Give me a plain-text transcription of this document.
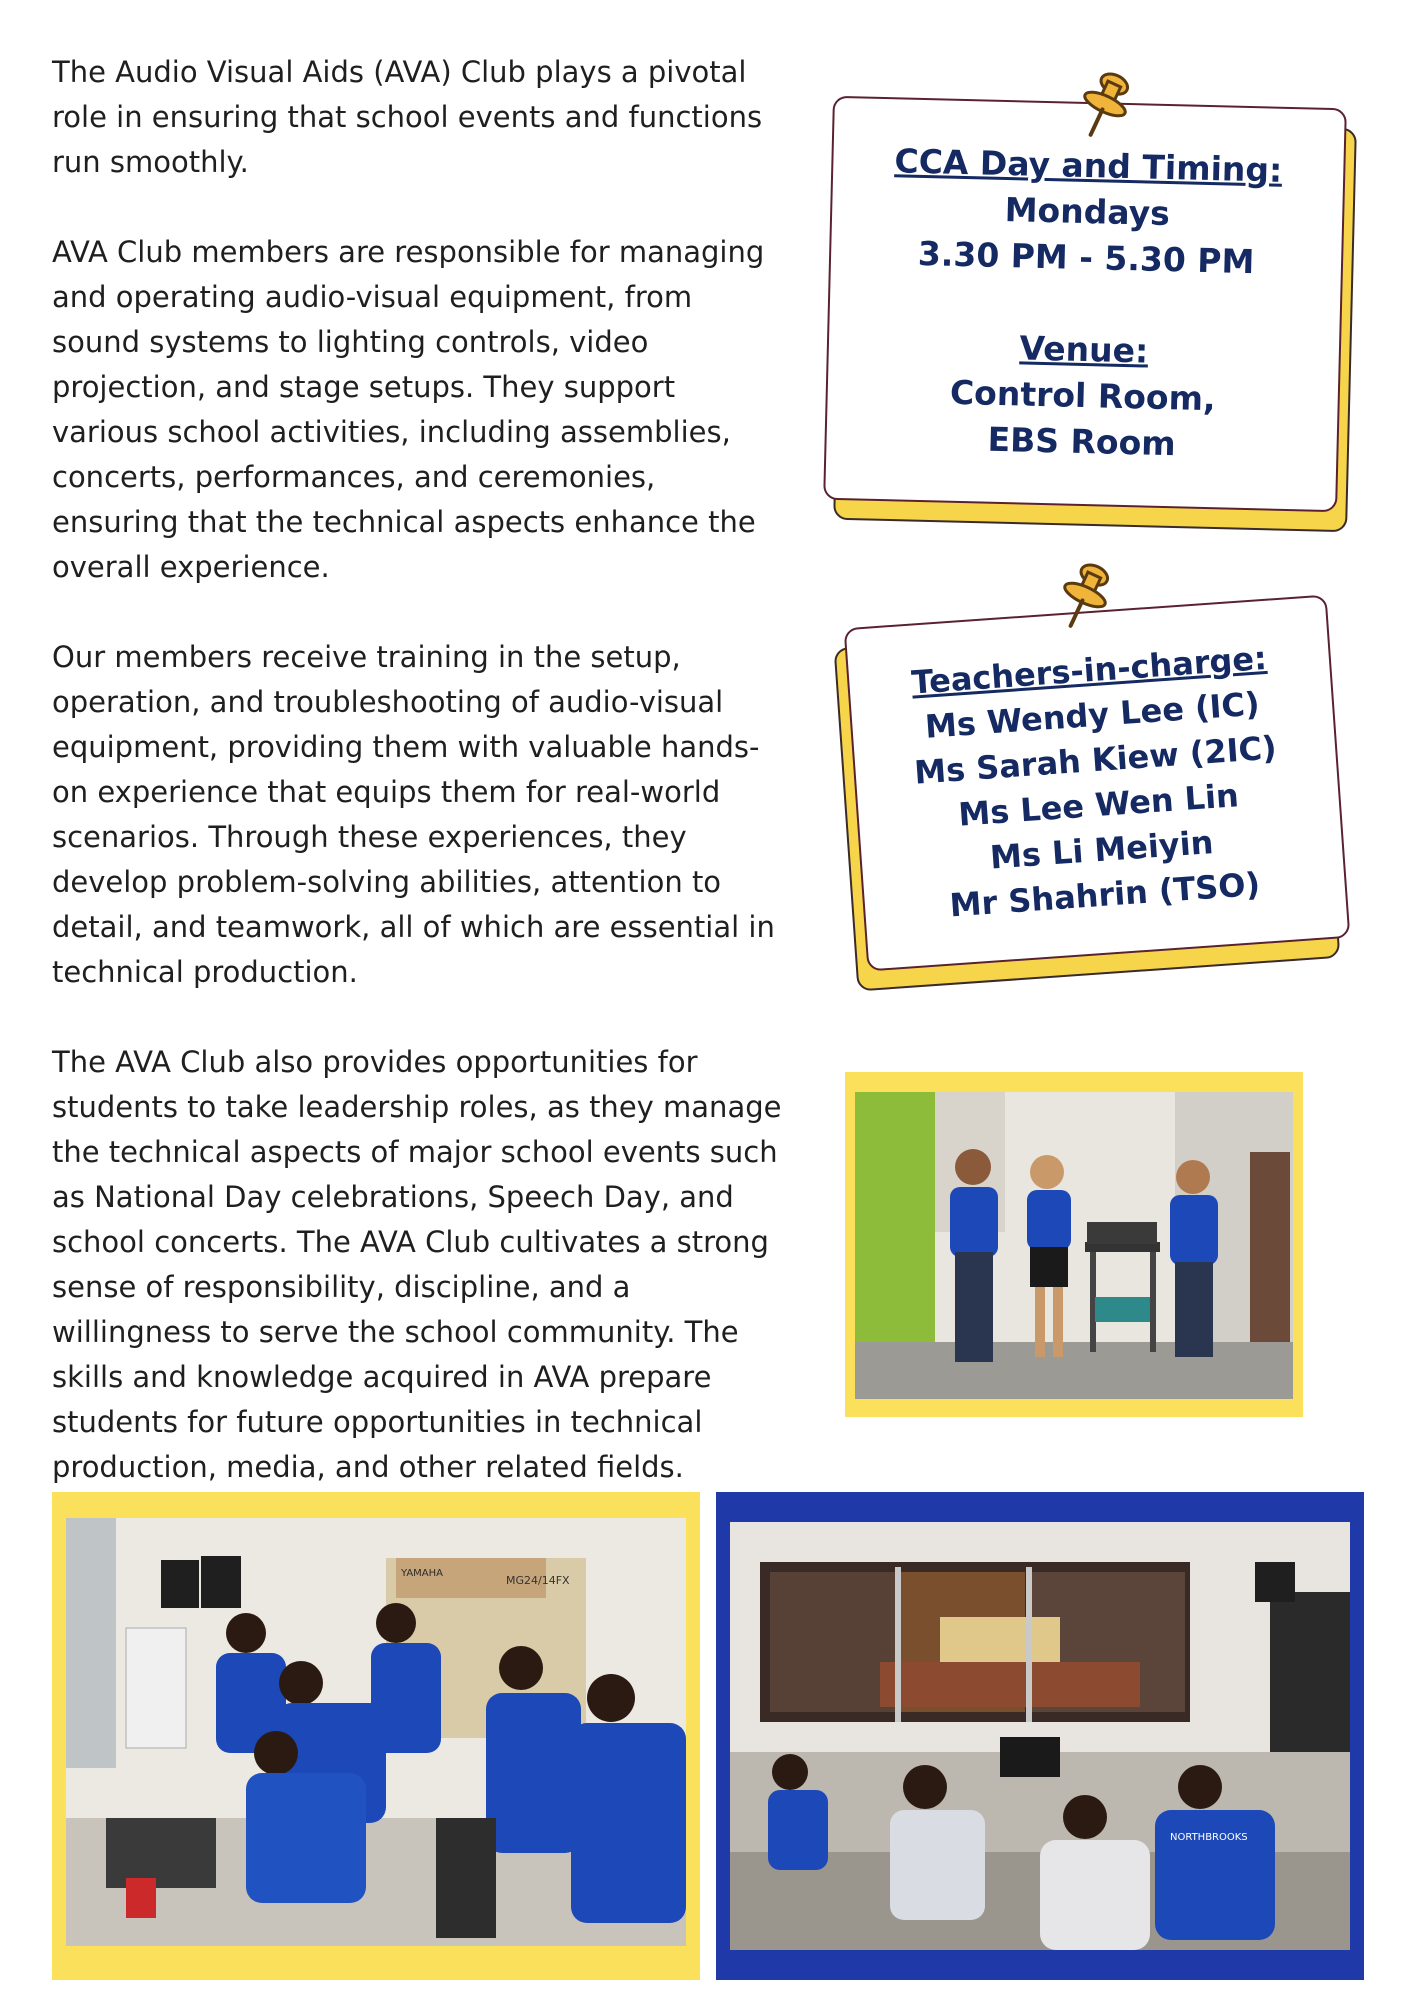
The Audio Visual Aids (AVA) Club plays a pivotal role in ensuring that school events and functions run smoothly.

AVA Club members are responsible for managing and operating audio-visual equipment, from sound systems to lighting controls, video projection, and stage setups. They support various school activities, including assemblies, concerts, performances, and ceremonies, ensuring that the technical aspects enhance the overall experience.

Our members receive training in the setup, operation, and troubleshooting of audio-visual equipment, providing them with valuable hands-on experience that equips them for real-world scenarios. Through these experiences, they develop problem-solving abilities, attention to detail, and teamwork, all of which are essential in technical production.

The AVA Club also provides opportunities for students to take leadership roles, as they manage the technical aspects of major school events such as National Day celebrations, Speech Day, and school concerts. The AVA Club cultivates a strong sense of responsibility, discipline, and a willingness to serve the school community. The skills and knowledge acquired in AVA prepare students for future opportunities in technical production, media, and other related fields.

CCA Day and Timing:
Mondays
3.30 PM - 5.30 PM
Venue:
Control Room,
EBS Room
Teachers-in-charge:
Ms Wendy Lee (IC)
Ms Sarah Kiew (2IC)
Ms Lee Wen Lin
Ms Li Meiyin
Mr Shahrin (TSO)
MG24/14FX
YAMAHA
NORTHBROOKS
